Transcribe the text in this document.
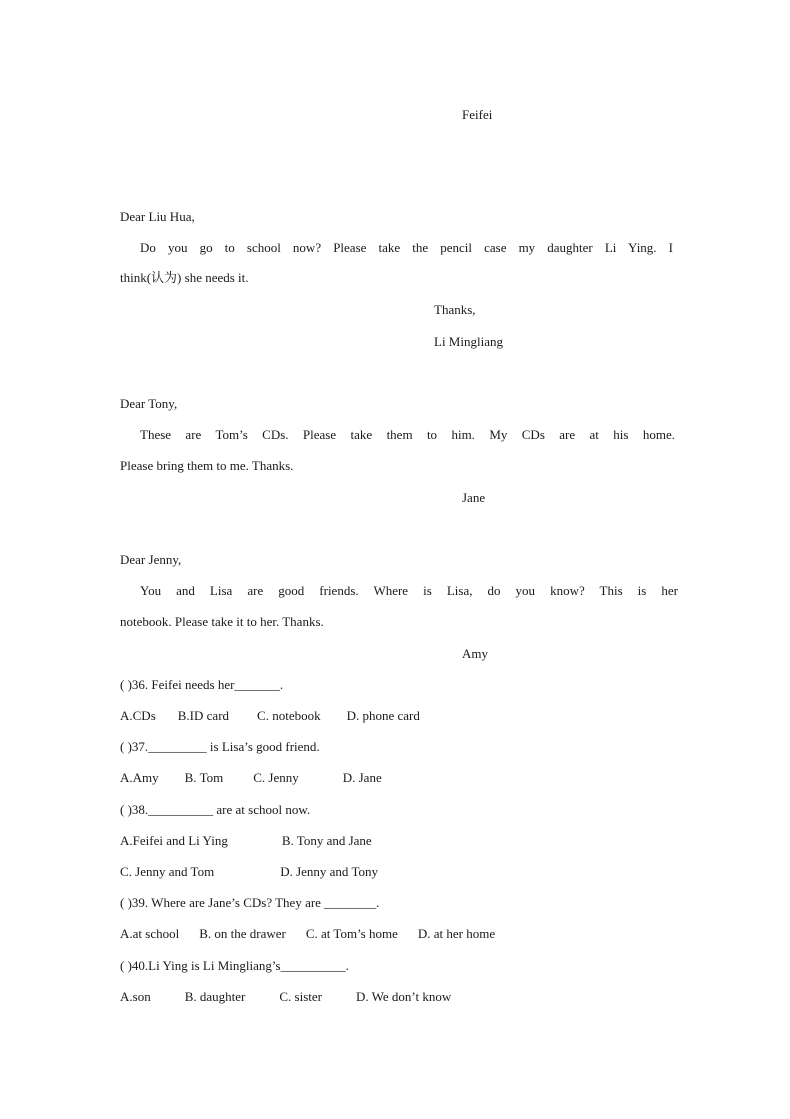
Feifei
Dear Liu Hua,
Do you go to school now? Please take the pencil case my daughter Li Ying. I
think(认为) she needs it.
Thanks,
Li Mingliang
Dear Tony,
These are Tom’s CDs. Please take them to him. My CDs are at his home.
Please bring them to me. Thanks.
Jane
Dear Jenny,
You and Lisa are good friends. Where is Lisa, do you know? This is her
notebook. Please take it to her. Thanks.
Amy
( )36. Feifei needs her_______.
A.CDs B.ID card C. notebook D. phone card
( )37._________ is Lisa’s good friend.
A.Amy B. Tom C. Jenny	D. Jane
( )38.__________ are at school now.
A.Feifei and Li Ying	B. Tony and Jane
C. Jenny and Tom	D. Jenny and Tony
( )39. Where are Jane’s CDs? They are ________.
A.at school B. on the drawer C. at Tom’s home D. at her home
( )40.Li Ying is Li Mingliang’s__________.
A.son	B. daughter	C. sister	D. We don’t know
